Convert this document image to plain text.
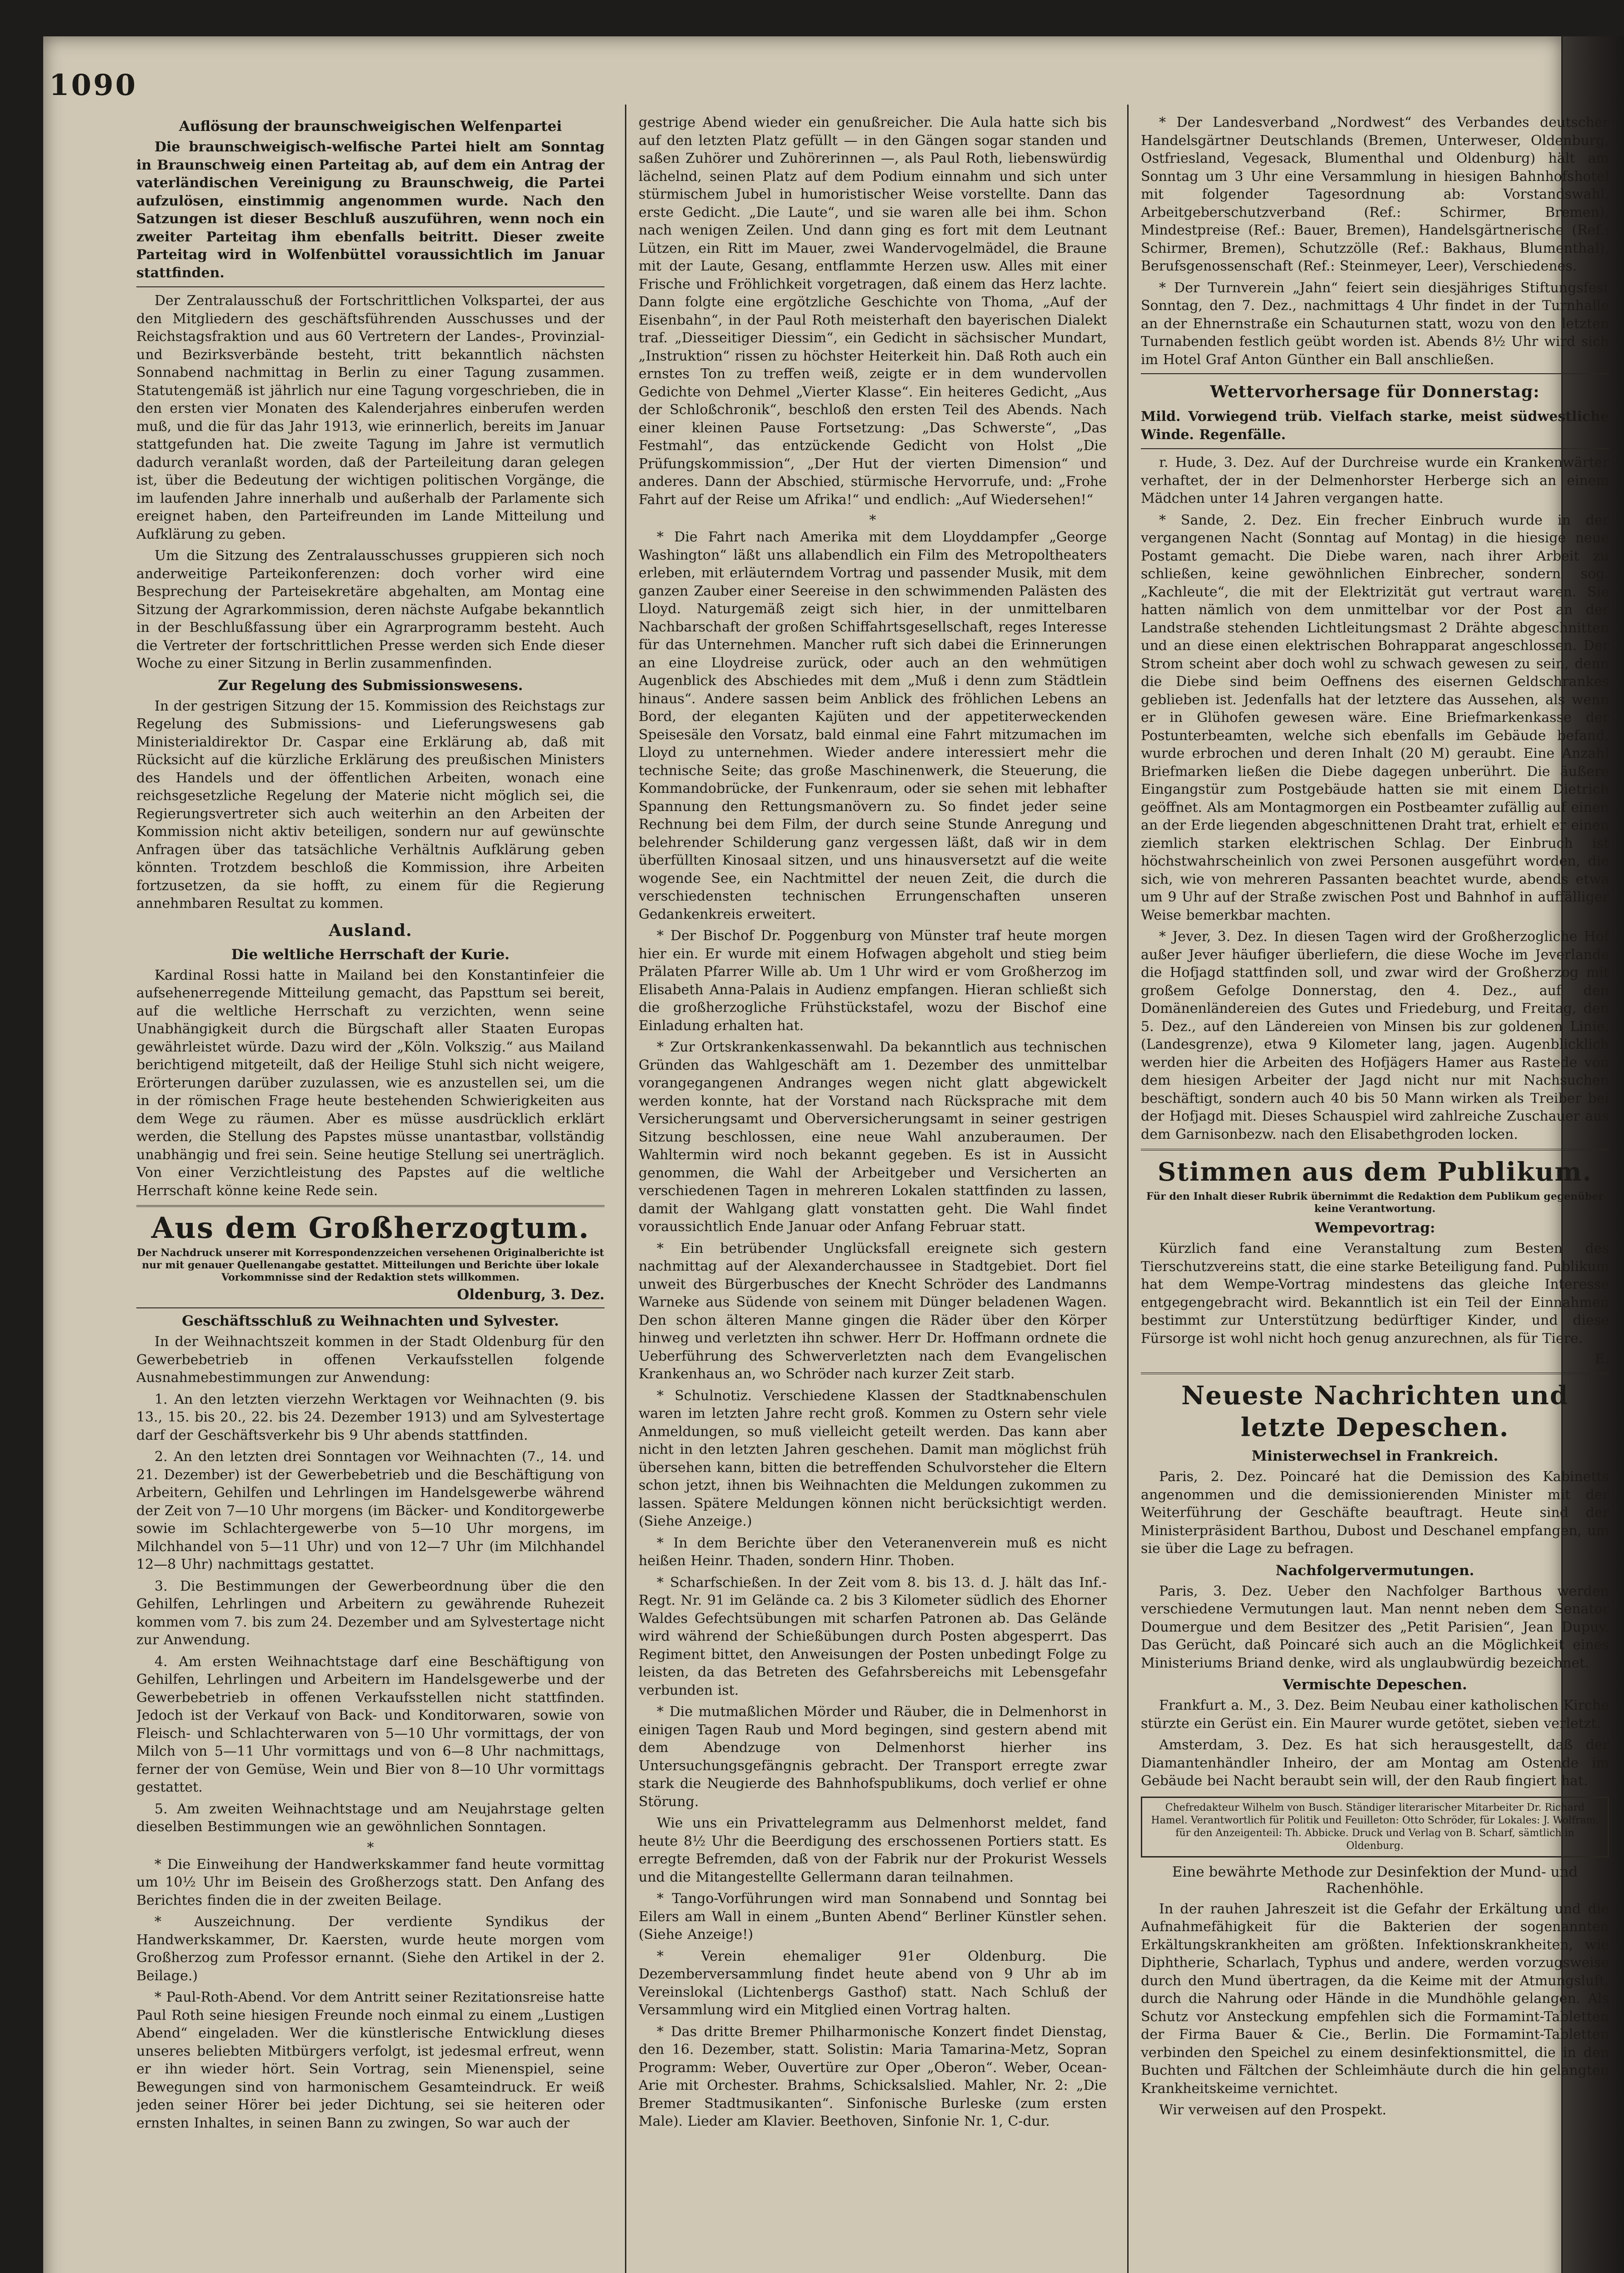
1090
Auflösung der braunschweigischen Welfenpartei

Die braunschweigisch-welfische Partei hielt am Sonntag in Braunschweig einen Parteitag ab, auf dem ein Antrag der vaterländischen Vereinigung zu Braunschweig, die Partei aufzulösen, einstimmig angenommen wurde. Nach den Satzungen ist dieser Beschluß auszuführen, wenn noch ein zweiter Parteitag ihm ebenfalls beitritt. Dieser zweite Parteitag wird in Wolfenbüttel voraussichtlich im Januar stattfinden.

Der Zentralausschuß der Fortschrittlichen Volkspartei, der aus den Mitgliedern des geschäftsführenden Ausschusses und der Reichstagsfraktion und aus 60 Vertretern der Landes-, Provinzial- und Bezirksverbände besteht, tritt bekanntlich nächsten Sonnabend nachmittag in Berlin zu einer Tagung zusammen. Statutengemäß ist jährlich nur eine Tagung vorgeschrieben, die in den ersten vier Monaten des Kalenderjahres einberufen werden muß, und die für das Jahr 1913, wie erinnerlich, bereits im Januar stattgefunden hat. Die zweite Tagung im Jahre ist vermutlich dadurch veranlaßt worden, daß der Parteileitung daran gelegen ist, über die Bedeutung der wichtigen politischen Vorgänge, die im laufenden Jahre innerhalb und außerhalb der Parlamente sich ereignet haben, den Parteifreunden im Lande Mitteilung und Aufklärung zu geben.

Um die Sitzung des Zentralausschusses gruppieren sich noch anderweitige Parteikonferenzen: doch vorher wird eine Besprechung der Parteisekretäre abgehalten, am Montag eine Sitzung der Agrarkommission, deren nächste Aufgabe bekanntlich in der Beschlußfassung über ein Agrarprogramm besteht. Auch die Vertreter der fortschrittlichen Presse werden sich Ende dieser Woche zu einer Sitzung in Berlin zusammenfinden.

Zur Regelung des Submissionswesens.

In der gestrigen Sitzung der 15. Kommission des Reichstags zur Regelung des Submissions- und Lieferungswesens gab Ministerialdirektor Dr. Caspar eine Erklärung ab, daß mit Rücksicht auf die kürzliche Erklärung des preußischen Ministers des Handels und der öffentlichen Arbeiten, wonach eine reichsgesetzliche Regelung der Materie nicht möglich sei, die Regierungsvertreter sich auch weiterhin an den Arbeiten der Kommission nicht aktiv beteiligen, sondern nur auf gewünschte Anfragen über das tatsächliche Verhältnis Aufklärung geben könnten. Trotzdem beschloß die Kommission, ihre Arbeiten fortzusetzen, da sie hofft, zu einem für die Regierung annehmbaren Resultat zu kommen.

Ausland.
Die weltliche Herrschaft der Kurie.

Kardinal Rossi hatte in Mailand bei den Konstantinfeier die aufsehenerregende Mitteilung gemacht, das Papsttum sei bereit, auf die weltliche Herrschaft zu verzichten, wenn seine Unabhängigkeit durch die Bürgschaft aller Staaten Europas gewährleistet würde. Dazu wird der „Köln. Volkszig.“ aus Mailand berichtigend mitgeteilt, daß der Heilige Stuhl sich nicht weigere, Erörterungen darüber zuzulassen, wie es anzustellen sei, um die in der römischen Frage heute bestehenden Schwierigkeiten aus dem Wege zu räumen. Aber es müsse ausdrücklich erklärt werden, die Stellung des Papstes müsse unantastbar, vollständig unabhängig und frei sein. Seine heutige Stellung sei unerträglich. Von einer Verzichtleistung des Papstes auf die weltliche Herrschaft könne keine Rede sein.

Aus dem Großherzogtum.
Der Nachdruck unserer mit Korrespondenzzeichen versehenen Originalberichte ist nur mit genauer Quellenangabe gestattet. Mitteilungen und Berichte über lokale Vorkommnisse sind der Redaktion stets willkommen.
Oldenburg, 3. Dez.
Geschäftsschluß zu Weihnachten und Sylvester.

In der Weihnachtszeit kommen in der Stadt Oldenburg für den Gewerbebetrieb in offenen Verkaufsstellen folgende Ausnahmebestimmungen zur Anwendung:

1. An den letzten vierzehn Werktagen vor Weihnachten (9. bis 13., 15. bis 20., 22. bis 24. Dezember 1913) und am Sylvestertage darf der Geschäftsverkehr bis 9 Uhr abends stattfinden.

2. An den letzten drei Sonntagen vor Weihnachten (7., 14. und 21. Dezember) ist der Gewerbebetrieb und die Beschäftigung von Arbeitern, Gehilfen und Lehrlingen im Handelsgewerbe während der Zeit von 7—10 Uhr morgens (im Bäcker- und Konditorgewerbe sowie im Schlachtergewerbe von 5—10 Uhr morgens, im Milchhandel von 5—11 Uhr) und von 12—7 Uhr (im Milchhandel 12—8 Uhr) nachmittags gestattet.

3. Die Bestimmungen der Gewerbeordnung über die den Gehilfen, Lehrlingen und Arbeitern zu gewährende Ruhezeit kommen vom 7. bis zum 24. Dezember und am Sylvestertage nicht zur Anwendung.

4. Am ersten Weihnachtstage darf eine Beschäftigung von Gehilfen, Lehrlingen und Arbeitern im Handelsgewerbe und der Gewerbebetrieb in offenen Verkaufsstellen nicht stattfinden. Jedoch ist der Verkauf von Back- und Konditorwaren, sowie von Fleisch- und Schlachterwaren von 5—10 Uhr vormittags, der von Milch von 5—11 Uhr vormittags und von 6—8 Uhr nachmittags, ferner der von Gemüse, Wein und Bier von 8—10 Uhr vormittags gestattet.

5. Am zweiten Weihnachtstage und am Neujahrstage gelten dieselben Bestimmungen wie an gewöhnlichen Sonntagen.

*

* Die Einweihung der Handwerkskammer fand heute vormittag um 10½ Uhr im Beisein des Großherzogs statt. Den Anfang des Berichtes finden die in der zweiten Beilage.

* Auszeichnung. Der verdiente Syndikus der Handwerkskammer, Dr. Kaersten, wurde heute morgen vom Großherzog zum Professor ernannt. (Siehe den Artikel in der 2. Beilage.)

* Paul-Roth-Abend. Vor dem Antritt seiner Rezitationsreise hatte Paul Roth seine hiesigen Freunde noch einmal zu einem „Lustigen Abend“ eingeladen. Wer die künstlerische Entwicklung dieses unseres beliebten Mitbürgers verfolgt, ist jedesmal erfreut, wenn er ihn wieder hört. Sein Vortrag, sein Mienenspiel, seine Bewegungen sind von harmonischem Gesamteindruck. Er weiß jeden seiner Hörer bei jeder Dichtung, sei sie heiteren oder ernsten Inhaltes, in seinen Bann zu zwingen, So war auch der

gestrige Abend wieder ein genußreicher. Die Aula hatte sich bis auf den letzten Platz gefüllt — in den Gängen sogar standen und saßen Zuhörer und Zuhörerinnen —, als Paul Roth, liebenswürdig lächelnd, seinen Platz auf dem Podium einnahm und sich unter stürmischem Jubel in humoristischer Weise vorstellte. Dann das erste Gedicht. „Die Laute“, und sie waren alle bei ihm. Schon nach wenigen Zeilen. Und dann ging es fort mit dem Leutnant Lützen, ein Ritt im Mauer, zwei Wandervogelmädel, die Braune mit der Laute, Gesang, entflammte Herzen usw. Alles mit einer Frische und Fröhlichkeit vorgetragen, daß einem das Herz lachte. Dann folgte eine ergötzliche Geschichte von Thoma, „Auf der Eisenbahn“, in der Paul Roth meisterhaft den bayerischen Dialekt traf. „Diesseitiger Diessim“, ein Gedicht in sächsischer Mundart, „Instruktion“ rissen zu höchster Heiterkeit hin. Daß Roth auch ein ernstes Ton zu treffen weiß, zeigte er in dem wundervollen Gedichte von Dehmel „Vierter Klasse“. Ein heiteres Gedicht, „Aus der Schloßchronik“, beschloß den ersten Teil des Abends. Nach einer kleinen Pause Fortsetzung: „Das Schwerste“, „Das Festmahl“, das entzückende Gedicht von Holst „Die Prüfungskommission“, „Der Hut der vierten Dimension“ und anderes. Dann der Abschied, stürmische Hervorrufe, und: „Frohe Fahrt auf der Reise um Afrika!“ und endlich: „Auf Wiedersehen!“

*

* Die Fahrt nach Amerika mit dem Lloyddampfer „George Washington“ läßt uns allabendlich ein Film des Metropoltheaters erleben, mit erläuterndem Vortrag und passender Musik, mit dem ganzen Zauber einer Seereise in den schwimmenden Palästen des Lloyd. Naturgemäß zeigt sich hier, in der unmittelbaren Nachbarschaft der großen Schiffahrtsgesellschaft, reges Interesse für das Unternehmen. Mancher ruft sich dabei die Erinnerungen an eine Lloydreise zurück, oder auch an den wehmütigen Augenblick des Abschiedes mit dem „Muß i denn zum Städtlein hinaus“. Andere sassen beim Anblick des fröhlichen Lebens an Bord, der eleganten Kajüten und der appetiterweckenden Speisesäle den Vorsatz, bald einmal eine Fahrt mitzumachen im Lloyd zu unternehmen. Wieder andere interessiert mehr die technische Seite; das große Maschinenwerk, die Steuerung, die Kommandobrücke, der Funkenraum, oder sie sehen mit lebhafter Spannung den Rettungsmanövern zu. So findet jeder seine Rechnung bei dem Film, der durch seine Stunde Anregung und belehrender Schilderung ganz vergessen läßt, daß wir in dem überfüllten Kinosaal sitzen, und uns hinausversetzt auf die weite wogende See, ein Nachtmittel der neuen Zeit, die durch die verschiedensten technischen Errungenschaften unseren Gedankenkreis erweitert.

* Der Bischof Dr. Poggenburg von Münster traf heute morgen hier ein. Er wurde mit einem Hofwagen abgeholt und stieg beim Prälaten Pfarrer Wille ab. Um 1 Uhr wird er vom Großherzog im Elisabeth Anna-Palais in Audienz empfangen. Hieran schließt sich die großherzogliche Frühstückstafel, wozu der Bischof eine Einladung erhalten hat.

* Zur Ortskrankenkassenwahl. Da bekanntlich aus technischen Gründen das Wahlgeschäft am 1. Dezember des unmittelbar vorangegangenen Andranges wegen nicht glatt abgewickelt werden konnte, hat der Vorstand nach Rücksprache mit dem Versicherungsamt und Oberversicherungsamt in seiner gestrigen Sitzung beschlossen, eine neue Wahl anzuberaumen. Der Wahltermin wird noch bekannt gegeben. Es ist in Aussicht genommen, die Wahl der Arbeitgeber und Versicherten an verschiedenen Tagen in mehreren Lokalen stattfinden zu lassen, damit der Wahlgang glatt vonstatten geht. Die Wahl findet voraussichtlich Ende Januar oder Anfang Februar statt.

* Ein betrübender Unglücksfall ereignete sich gestern nachmittag auf der Alexanderchaussee in Stadtgebiet. Dort fiel unweit des Bürgerbusches der Knecht Schröder des Landmanns Warneke aus Südende von seinem mit Dünger beladenen Wagen. Den schon älteren Manne gingen die Räder über den Körper hinweg und verletzten ihn schwer. Herr Dr. Hoffmann ordnete die Ueberführung des Schwerverletzten nach dem Evangelischen Krankenhaus an, wo Schröder nach kurzer Zeit starb.

* Schulnotiz. Verschiedene Klassen der Stadtknabenschulen waren im letzten Jahre recht groß. Kommen zu Ostern sehr viele Anmeldungen, so muß vielleicht geteilt werden. Das kann aber nicht in den letzten Jahren geschehen. Damit man möglichst früh übersehen kann, bitten die betreffenden Schulvorsteher die Eltern schon jetzt, ihnen bis Weihnachten die Meldungen zukommen zu lassen. Spätere Meldungen können nicht berücksichtigt werden. (Siehe Anzeige.)

* In dem Berichte über den Veteranenverein muß es nicht heißen Heinr. Thaden, sondern Hinr. Thoben.

* Scharfschießen. In der Zeit vom 8. bis 13. d. J. hält das Inf.-Regt. Nr. 91 im Gelände ca. 2 bis 3 Kilometer südlich des Ehorner Waldes Gefechtsübungen mit scharfen Patronen ab. Das Gelände wird während der Schießübungen durch Posten abgesperrt. Das Regiment bittet, den Anweisungen der Posten unbedingt Folge zu leisten, da das Betreten des Gefahrsbereichs mit Lebensgefahr verbunden ist.

* Die mutmaßlichen Mörder und Räuber, die in Delmenhorst in einigen Tagen Raub und Mord begingen, sind gestern abend mit dem Abendzuge von Delmenhorst hierher ins Untersuchungsgefängnis gebracht. Der Transport erregte zwar stark die Neugierde des Bahnhofspublikums, doch verlief er ohne Störung.

Wie uns ein Privattelegramm aus Delmenhorst meldet, fand heute 8½ Uhr die Beerdigung des erschossenen Portiers statt. Es erregte Befremden, daß von der Fabrik nur der Prokurist Wessels und die Mitangestellte Gellermann daran teilnahmen.

* Tango-Vorführungen wird man Sonnabend und Sonntag bei Eilers am Wall in einem „Bunten Abend“ Berliner Künstler sehen. (Siehe Anzeige!)

* Verein ehemaliger 91er Oldenburg. Die Dezemberversammlung findet heute abend von 9 Uhr ab im Vereinslokal (Lichtenbergs Gasthof) statt. Nach Schluß der Versammlung wird ein Mitglied einen Vortrag halten.

* Das dritte Bremer Philharmonische Konzert findet Dienstag, den 16. Dezember, statt. Solistin: Maria Tamarina-Metz, Sopran Programm: Weber, Ouvertüre zur Oper „Oberon“. Weber, Ocean-Arie mit Orchester. Brahms, Schicksalslied. Mahler, Nr. 2: „Die Bremer Stadtmusikanten“. Sinfonische Burleske (zum ersten Male). Lieder am Klavier. Beethoven, Sinfonie Nr. 1, C-dur.

* Der Landesverband „Nordwest“ des Verbandes deutscher Handelsgärtner Deutschlands (Bremen, Unterweser, Oldenburg, Ostfriesland, Vegesack, Blumenthal und Oldenburg) hält am Sonntag um 3 Uhr eine Versammlung in hiesigen Bahnhofshotel mit folgender Tagesordnung ab: Vorstandswahl, Arbeitgeberschutzverband (Ref.: Schirmer, Bremen), Mindestpreise (Ref.: Bauer, Bremen), Handelsgärtnerische (Ref.: Schirmer, Bremen), Schutzzölle (Ref.: Bakhaus, Blumenthal), Berufsgenossenschaft (Ref.: Steinmeyer, Leer), Verschiedenes.

* Der Turnverein „Jahn“ feiert sein diesjähriges Stiftungsfest Sonntag, den 7. Dez., nachmittags 4 Uhr findet in der Turnhalle an der Ehnernstraße ein Schauturnen statt, wozu von den letzten Turnabenden festlich geübt worden ist. Abends 8½ Uhr wird sich im Hotel Graf Anton Günther ein Ball anschließen.

Wettervorhersage für Donnerstag:

Mild. Vorwiegend trüb. Vielfach starke, meist südwestliche Winde. Regenfälle.

r. Hude, 3. Dez. Auf der Durchreise wurde ein Krankenwärter verhaftet, der in der Delmenhorster Herberge sich an einem Mädchen unter 14 Jahren vergangen hatte.

* Sande, 2. Dez. Ein frecher Einbruch wurde in der vergangenen Nacht (Sonntag auf Montag) in die hiesige neue Postamt gemacht. Die Diebe waren, nach ihrer Arbeit zu schließen, keine gewöhnlichen Einbrecher, sondern sog. „Kachleute“, die mit der Elektrizität gut vertraut waren. Sie hatten nämlich von dem unmittelbar vor der Post an der Landstraße stehenden Lichtleitungsmast 2 Drähte abgeschnitten und an diese einen elektrischen Bohrapparat angeschlossen. Der Strom scheint aber doch wohl zu schwach gewesen zu sein, denn die Diebe sind beim Oeffnens des eisernen Geldschrankes geblieben ist. Jedenfalls hat der letztere das Aussehen, als wenn er in Glühofen gewesen wäre. Eine Briefmarkenkasse der Postunterbeamten, welche sich ebenfalls im Gebäude befand, wurde erbrochen und deren Inhalt (20 M) geraubt. Eine Anzahl Briefmarken ließen die Diebe dagegen unberührt. Die äußere Eingangstür zum Postgebäude hatten sie mit einem Dietrich geöffnet. Als am Montagmorgen ein Postbeamter zufällig auf einen an der Erde liegenden abgeschnittenen Draht trat, erhielt er einen ziemlich starken elektrischen Schlag. Der Einbruch ist höchstwahrscheinlich von zwei Personen ausgeführt worden, die sich, wie von mehreren Passanten beachtet wurde, abends etwa um 9 Uhr auf der Straße zwischen Post und Bahnhof in auffälliger Weise bemerkbar machten.

* Jever, 3. Dez. In diesen Tagen wird der Großherzogliche Hof außer Jever häufiger überliefern, die diese Woche im Jeverlande die Hofjagd stattfinden soll, und zwar wird der Großherzog mit großem Gefolge Donnerstag, den 4. Dez., auf den Domänenländereien des Gutes und Friedeburg, und Freitag, den 5. Dez., auf den Ländereien von Minsen bis zur goldenen Linie, (Landesgrenze), etwa 9 Kilometer lang, jagen. Augenblicklich werden hier die Arbeiten des Hofjägers Hamer aus Rastede von dem hiesigen Arbeiter der Jagd nicht nur mit Nachsuchen beschäftigt, sondern auch 40 bis 50 Mann wirken als Treiber bei der Hofjagd mit. Dieses Schauspiel wird zahlreiche Zuschauer aus dem Garnisonbezw. nach den Elisabethgroden locken.

Stimmen aus dem Publikum.
Für den Inhalt dieser Rubrik übernimmt die Redaktion dem Publikum gegenüber keine Verantwortung.
Wempevortrag:

Kürzlich fand eine Veranstaltung zum Besten des Tierschutzvereins statt, die eine starke Beteiligung fand. Publikum hat dem Wempe-Vortrag mindestens das gleiche Interesse entgegengebracht wird. Bekanntlich ist ein Teil der Einnahmen bestimmt zur Unterstützung bedürftiger Kinder, und diese Fürsorge ist wohl nicht hoch genug anzurechnen, als für Tiere.

E.
Neueste Nachrichten und letzte Depeschen.
Ministerwechsel in Frankreich.

Paris, 2. Dez. Poincaré hat die Demission des Kabinetts angenommen und die demissionierenden Minister mit der Weiterführung der Geschäfte beauftragt. Heute sind der Ministerpräsident Barthou, Dubost und Deschanel empfangen, um sie über die Lage zu befragen.

Nachfolgervermutungen.

Paris, 3. Dez. Ueber den Nachfolger Barthous werden verschiedene Vermutungen laut. Man nennt neben dem Senator Doumergue und dem Besitzer des „Petit Parisien“, Jean Dupuy. Das Gerücht, daß Poincaré sich auch an die Möglichkeit eines Ministeriums Briand denke, wird als unglaubwürdig bezeichnet.

Vermischte Depeschen.

Frankfurt a. M., 3. Dez. Beim Neubau einer katholischen Kirche stürzte ein Gerüst ein. Ein Maurer wurde getötet, sieben verletzt.

Amsterdam, 3. Dez. Es hat sich herausgestellt, daß der Diamantenhändler Inheiro, der am Montag am Ostende im Gebäude bei Nacht beraubt sein will, der den Raub fingiert hat.

Chefredakteur Wilhelm von Busch. Ständiger literarischer Mitarbeiter Dr. Richard Hamel. Verantwortlich für Politik und Feuilleton: Otto Schröder, für Lokales: J. Wolfram, für den Anzeigenteil: Th. Abbicke. Druck und Verlag von B. Scharf, sämtlich in Oldenburg.
Eine bewährte Methode zur Desinfektion der Mund- und Rachenhöhle.

In der rauhen Jahreszeit ist die Gefahr der Erkältung und die Aufnahmefähigkeit für die Bakterien der sogenannten Erkältungskrankheiten am größten. Infektionskrankheiten, wie Diphtherie, Scharlach, Typhus und andere, werden vorzugsweise durch den Mund übertragen, da die Keime mit der Atmungsluft, durch die Nahrung oder Hände in die Mundhöhle gelangen. Als Schutz vor Ansteckung empfehlen sich die Formamint-Tabletten der Firma Bauer & Cie., Berlin. Die Formamint-Tabletten verbinden den Speichel zu einem desinfektionsmittel, die in den Buchten und Fältchen der Schleimhäute durch die hin gelangten Krankheitskeime vernichtet.

Wir verweisen auf den Prospekt.
